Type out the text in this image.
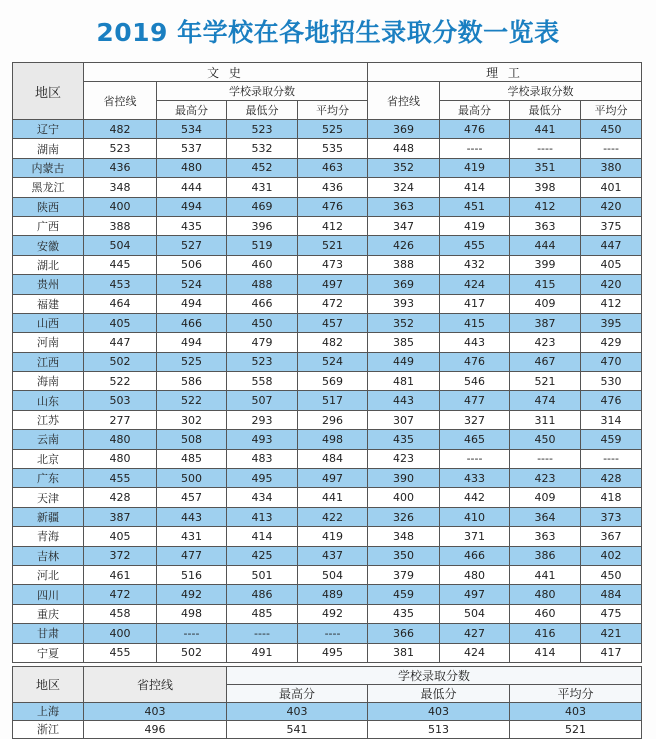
2019 年学校在各地招生录取分数一览表
地区	文 史				理 工			
	省控线	学校录取分数			省控线	学校录取分数		
		最高分	最低分	平均分		最高分	最低分	平均分
辽宁	482	534	523	525	369	476	441	450
湖南	523	537	532	535	448	----	----	----
内蒙古	436	480	452	463	352	419	351	380
黑龙江	348	444	431	436	324	414	398	401
陕西	400	494	469	476	363	451	412	420
广西	388	435	396	412	347	419	363	375
安徽	504	527	519	521	426	455	444	447
湖北	445	506	460	473	388	432	399	405
贵州	453	524	488	497	369	424	415	420
福建	464	494	466	472	393	417	409	412
山西	405	466	450	457	352	415	387	395
河南	447	494	479	482	385	443	423	429
江西	502	525	523	524	449	476	467	470
海南	522	586	558	569	481	546	521	530
山东	503	522	507	517	443	477	474	476
江苏	277	302	293	296	307	327	311	314
云南	480	508	493	498	435	465	450	459
北京	480	485	483	484	423	----	----	----
广东	455	500	495	497	390	433	423	428
天津	428	457	434	441	400	442	409	418
新疆	387	443	413	422	326	410	364	373
青海	405	431	414	419	348	371	363	367
吉林	372	477	425	437	350	466	386	402
河北	461	516	501	504	379	480	441	450
四川	472	492	486	489	459	497	480	484
重庆	458	498	485	492	435	504	460	475
甘肃	400	----	----	----	366	427	416	421
宁夏	455	502	491	495	381	424	414	417
地区	省控线	学校录取分数		
		最高分	最低分	平均分
上海	403	403	403	403
浙江	496	541	513	521
